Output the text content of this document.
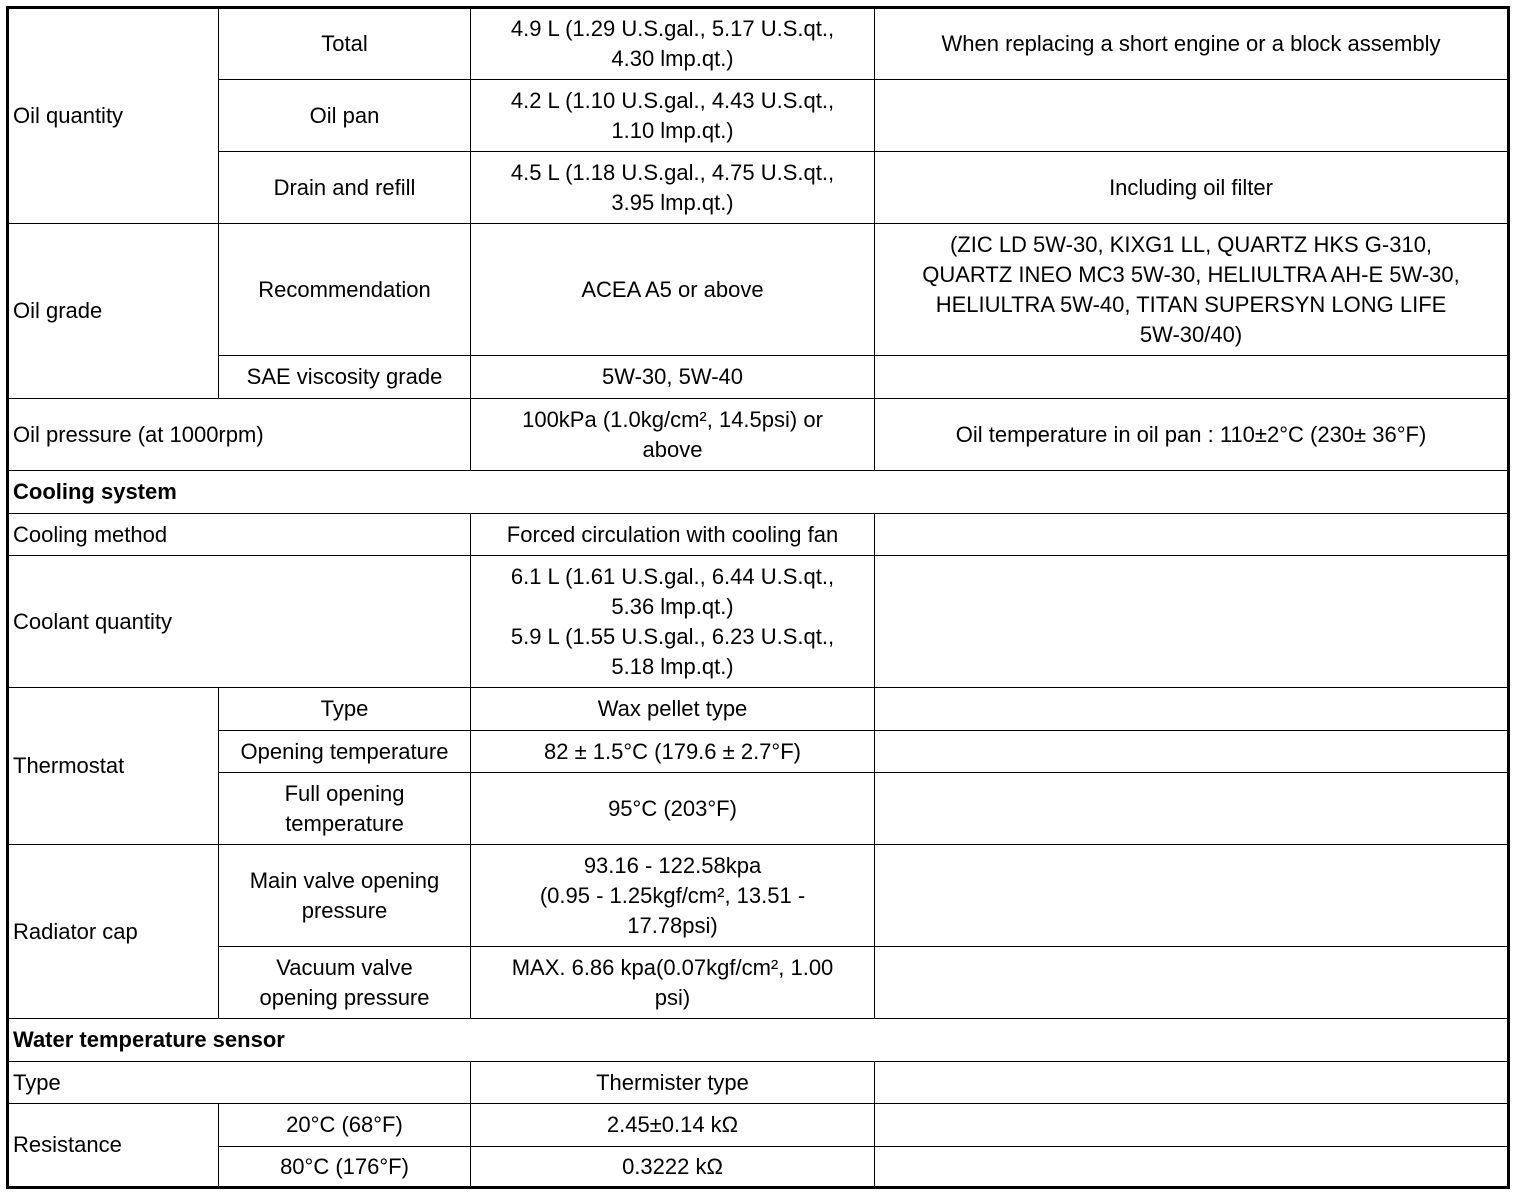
Oil quantity	Total	4.9 L (1.29 U.S.gal., 5.17 U.S.qt.,
4.30 lmp.qt.)	When replacing a short engine or a block assembly
	Oil pan	4.2 L (1.10 U.S.gal., 4.43 U.S.qt.,
1.10 lmp.qt.)	

	Drain and refill	4.5 L (1.18 U.S.gal., 4.75 U.S.qt.,
3.95 lmp.qt.)	Including oil filter
Oil grade	Recommendation	ACEA A5 or above	(ZIC LD 5W-30, KIXG1 LL, QUARTZ HKS G-310,
QUARTZ INEO MC3 5W-30, HELIULTRA AH-E 5W-30,
HELIULTRA 5W-40, TITAN SUPERSYN LONG LIFE
5W-30/40)

	SAE viscosity grade	5W-30, 5W-40	
Oil pressure (at 1000rpm)		100kPa (1.0kg/cm², 14.5psi) or
above	Oil temperature in oil pan : 110±2°C (230± 36°F)
Cooling system			
Cooling method		Forced circulation with cooling fan	
Coolant quantity		6.1 L (1.61 U.S.gal., 6.44 U.S.qt.,
5.36 lmp.qt.)
5.9 L (1.55 U.S.gal., 6.23 U.S.qt.,
5.18 lmp.qt.)	

Thermostat	Type	Wax pellet type	

	Opening temperature	82 ± 1.5°C (179.6 ± 2.7°F)	

	Full opening
temperature	95°C (203°F)	

Radiator cap	Main valve opening
pressure	93.16 - 122.58kpa
(0.95 - 1.25kgf/cm², 13.51 -
17.78psi)	

	Vacuum valve
opening pressure	MAX. 6.86 kpa(0.07kgf/cm², 1.00
psi)	

Water temperature sensor			
Type		Thermister type	
Resistance	20°C (68°F)	2.45±0.14 kΩ	
	80°C (176°F)	0.3222 kΩ	
